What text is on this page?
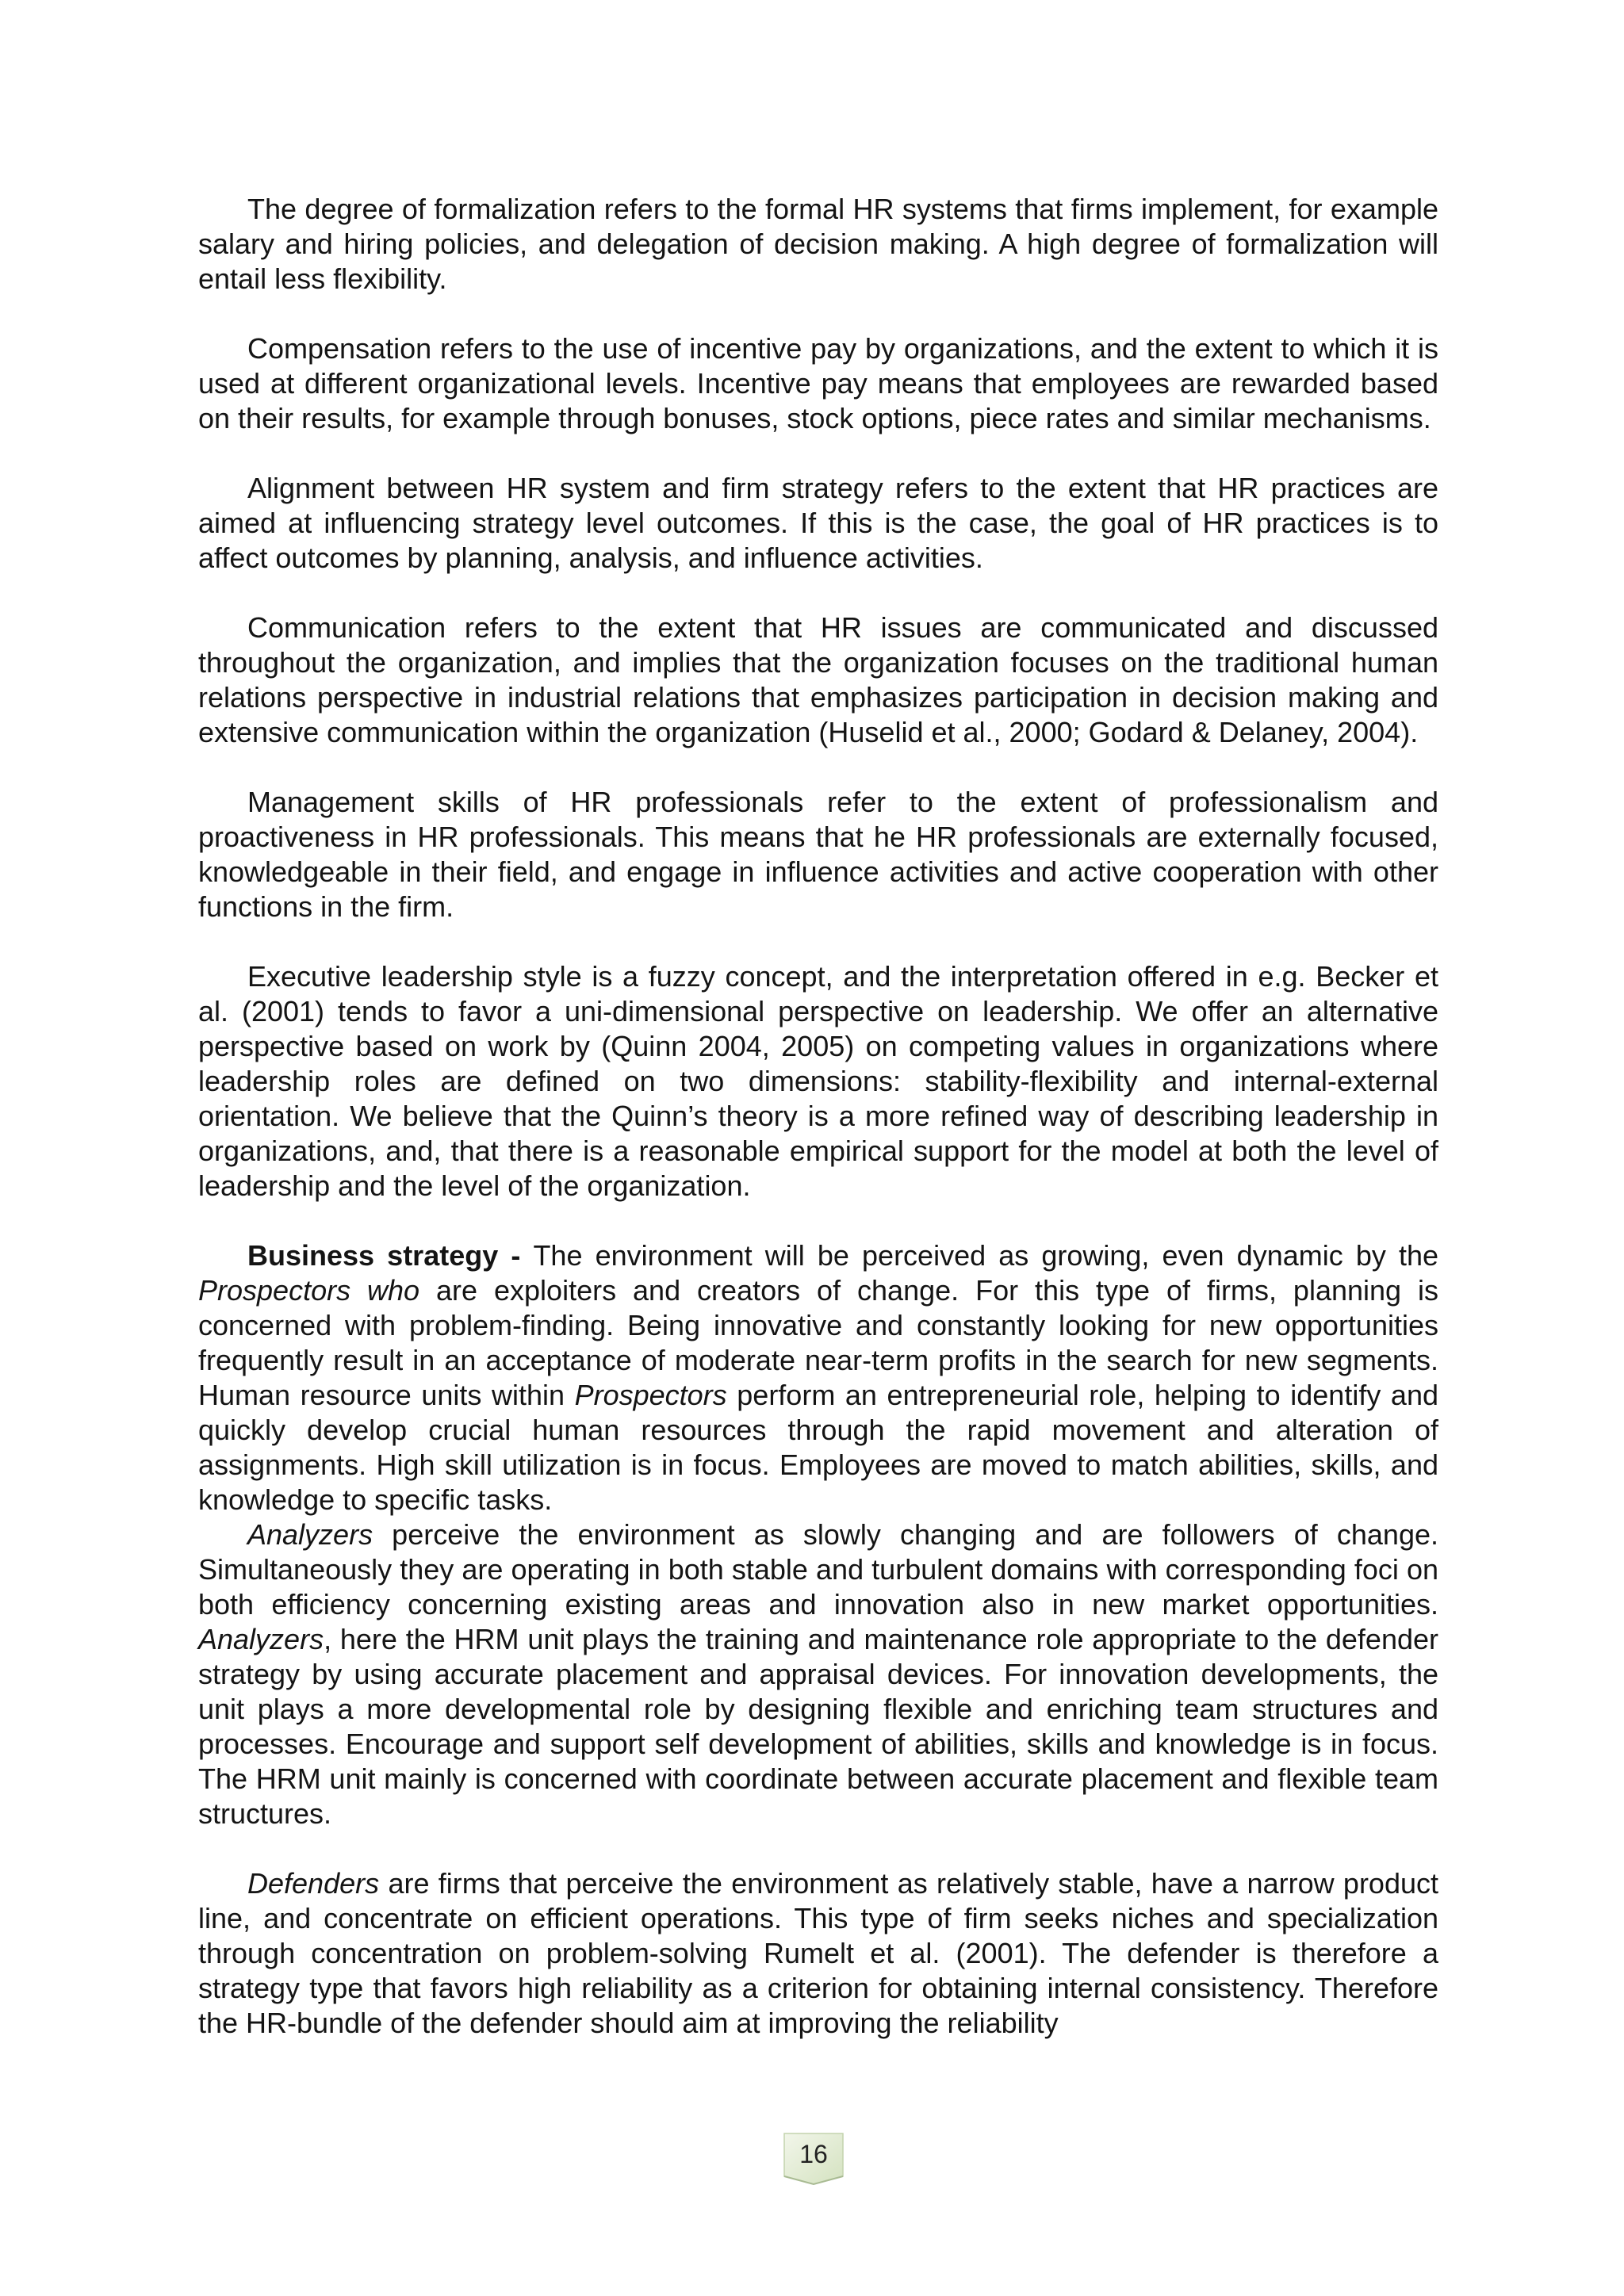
The degree of formalization refers to the formal HR systems that firms implement, for example salary and hiring policies, and delegation of decision making. A high degree of formalization will entail less flexibility.

Compensation refers to the use of incentive pay by organizations, and the extent to which it is used at different organizational levels. Incentive pay means that employees are rewarded based on their results, for example through bonuses, stock options, piece rates and similar mechanisms.

Alignment between HR system and firm strategy refers to the extent that HR practices are aimed at influencing strategy level outcomes. If this is the case, the goal of HR practices is to affect outcomes by planning, analysis, and influence activities.

Communication refers to the extent that HR issues are communicated and discussed throughout the organization, and implies that the organization focuses on the traditional human relations perspective in industrial relations that emphasizes participation in decision making and extensive communication within the organization (Huselid et al., 2000; Godard & Delaney, 2004).

Management skills of HR professionals refer to the extent of professionalism and proactiveness in HR professionals. This means that he HR professionals are externally focused, knowledgeable in their field, and engage in influence activities and active cooperation with other functions in the firm.

Executive leadership style is a fuzzy concept, and the interpretation offered in e.g. Becker et al. (2001) tends to favor a uni-dimensional perspective on leadership. We offer an alternative perspective based on work by (Quinn 2004, 2005) on competing values in organizations where leadership roles are defined on two dimensions: stability-flexibility and internal-external orientation. We believe that the Quinn’s theory is a more refined way of describing leadership in organizations, and, that there is a reasonable empirical support for the model at both the level of leadership and the level of the organization.

Business strategy - The environment will be perceived as growing, even dynamic by the Prospectors who are exploiters and creators of change. For this type of firms, planning is concerned with problem-finding. Being innovative and constantly looking for new opportunities frequently result in an acceptance of moderate near-term profits in the search for new segments. Human resource units within Prospectors perform an entrepreneurial role, helping to identify and quickly develop crucial human resources through the rapid movement and alteration of assignments. High skill utilization is in focus. Employees are moved to match abilities, skills, and knowledge to specific tasks.

Analyzers perceive the environment as slowly changing and are followers of change. Simultaneously they are operating in both stable and turbulent domains with corresponding foci on both efficiency concerning existing areas and innovation also in new market opportunities. Analyzers, here the HRM unit plays the training and maintenance role appropriate to the defender strategy by using accurate placement and appraisal devices. For innovation developments, the unit plays a more developmental role by designing flexible and enriching team structures and processes. Encourage and support self development of abilities, skills and knowledge is in focus. The HRM unit mainly is concerned with coordinate between accurate placement and flexible team structures.

Defenders are firms that perceive the environment as relatively stable, have a narrow product line, and concentrate on efficient operations. This type of firm seeks niches and specialization through concentration on problem-solving Rumelt et al. (2001). The defender is therefore a strategy type that favors high reliability as a criterion for obtaining internal consistency. Therefore the HR-bundle of the defender should aim at improving the reliability

16
